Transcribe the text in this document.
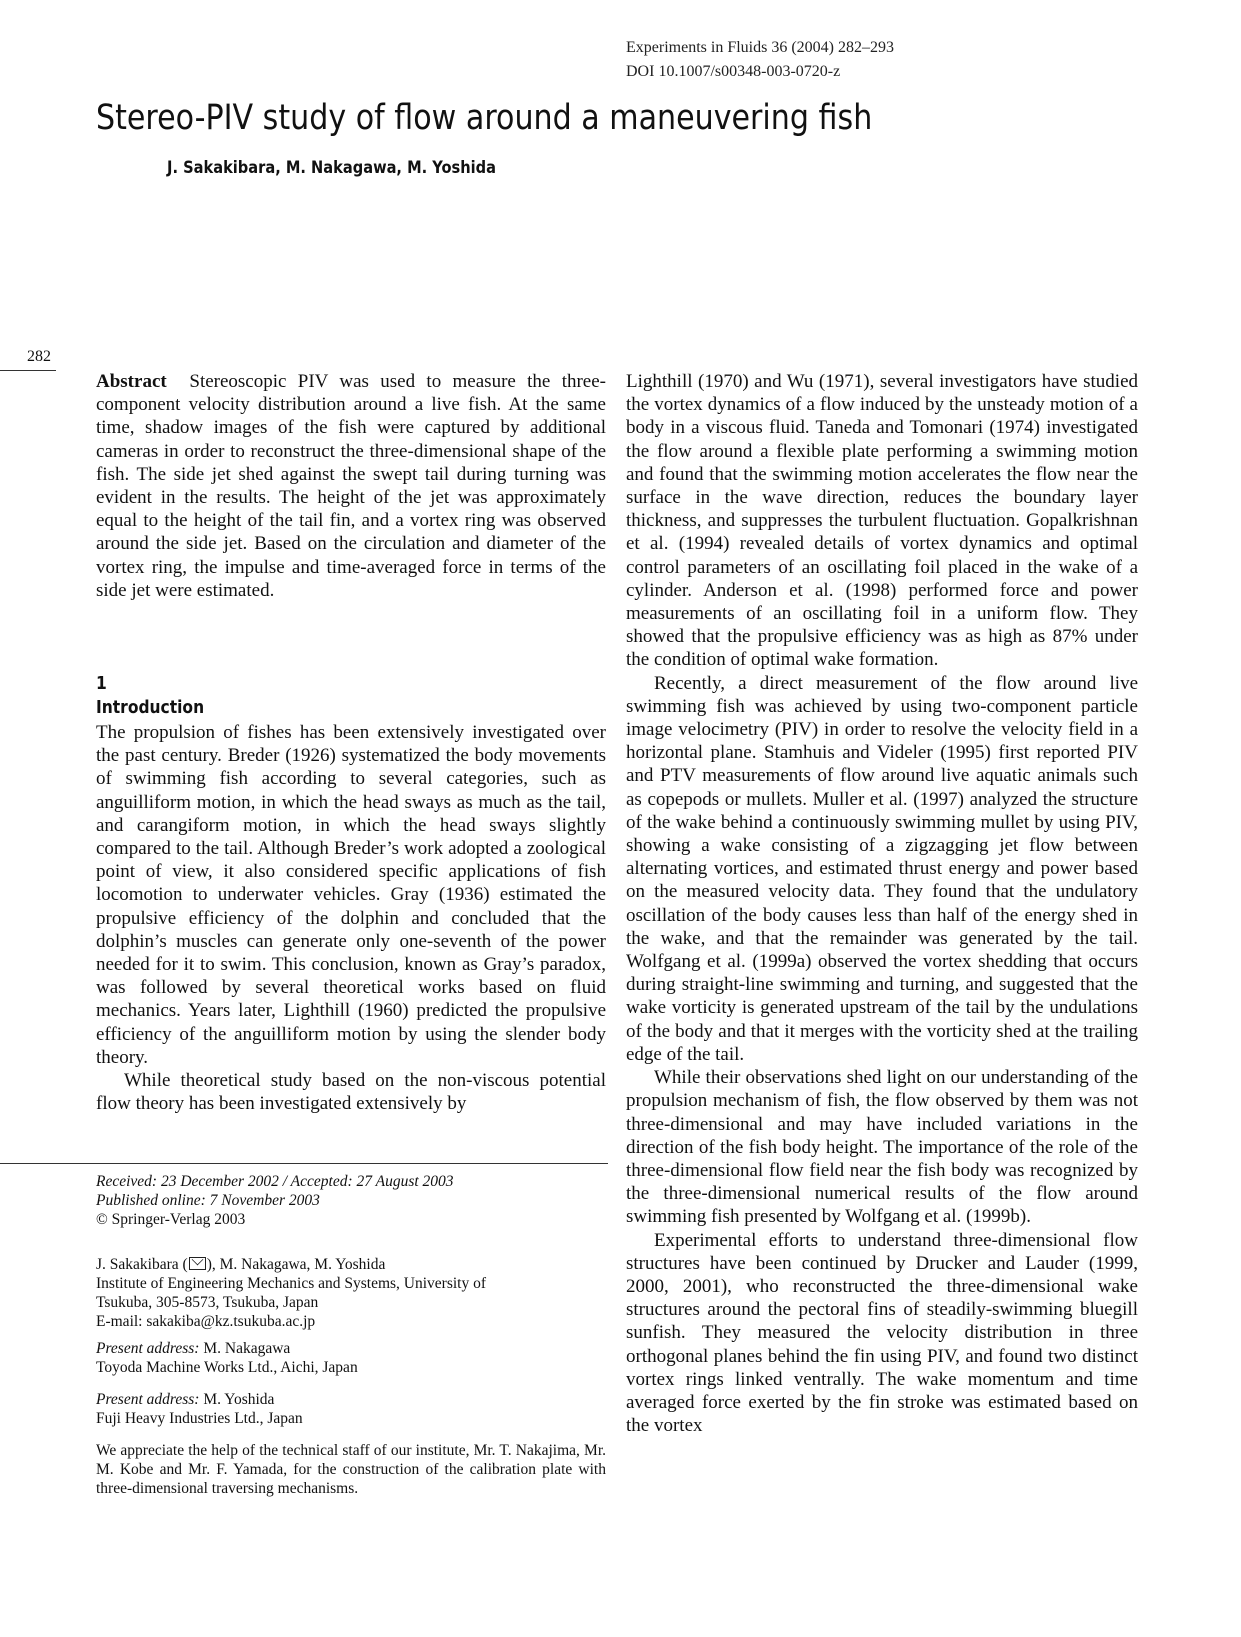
Experiments in Fluids 36 (2004) 282–293
DOI 10.1007/s00348-003-0720-z
Stereo-PIV study of flow around a maneuvering fish
J. Sakakibara, M. Nakagawa, M. Yoshida
282

Abstract Stereoscopic PIV was used to measure the three-component velocity distribution around a live fish. At the same time, shadow images of the fish were captured by additional cameras in order to reconstruct the three-dimensional shape of the fish. The side jet shed against the swept tail during turning was evident in the results. The height of the jet was approximately equal to the height of the tail fin, and a vortex ring was observed around the side jet. Based on the circulation and diameter of the vortex ring, the impulse and time-averaged force in terms of the side jet were estimated.

1
Introduction

The propulsion of fishes has been extensively investigated over the past century. Breder (1926) systematized the body movements of swimming fish according to several categories, such as anguilliform motion, in which the head sways as much as the tail, and carangiform motion, in which the head sways slightly compared to the tail. Although Breder’s work adopted a zoological point of view, it also considered specific applications of fish locomotion to underwater vehicles. Gray (1936) estimated the propulsive efficiency of the dolphin and concluded that the dolphin’s muscles can generate only one-seventh of the power needed for it to swim. This conclusion, known as Gray’s paradox, was followed by several theoretical works based on fluid mechanics. Years later, Lighthill (1960) predicted the propulsive efficiency of the anguilliform motion by using the slender body theory.

While theoretical study based on the non-viscous potential flow theory has been investigated extensively by

Lighthill (1970) and Wu (1971), several investigators have studied the vortex dynamics of a flow induced by the unsteady motion of a body in a viscous fluid. Taneda and Tomonari (1974) investigated the flow around a flexible plate performing a swimming motion and found that the swimming motion accelerates the flow near the surface in the wave direction, reduces the boundary layer thickness, and suppresses the turbulent fluctuation. Gopalkrishnan et al. (1994) revealed details of vortex dynamics and optimal control parameters of an oscillating foil placed in the wake of a cylinder. Anderson et al. (1998) performed force and power measurements of an oscillating foil in a uniform flow. They showed that the propulsive efficiency was as high as 87% under the condition of optimal wake formation.

Recently, a direct measurement of the flow around live swimming fish was achieved by using two-component particle image velocimetry (PIV) in order to resolve the velocity field in a horizontal plane. Stamhuis and Videler (1995) first reported PIV and PTV measurements of flow around live aquatic animals such as copepods or mullets. Muller et al. (1997) analyzed the structure of the wake behind a continuously swimming mullet by using PIV, showing a wake consisting of a zigzagging jet flow between alternating vortices, and estimated thrust energy and power based on the measured velocity data. They found that the undulatory oscillation of the body causes less than half of the energy shed in the wake, and that the remainder was generated by the tail. Wolfgang et al. (1999a) observed the vortex shedding that occurs during straight-line swimming and turning, and suggested that the wake vorticity is generated upstream of the tail by the undulations of the body and that it merges with the vorticity shed at the trailing edge of the tail.

While their observations shed light on our understanding of the propulsion mechanism of fish, the flow observed by them was not three-dimensional and may have included variations in the direction of the fish body height. The importance of the role of the three-dimensional flow field near the fish body was recognized by the three-dimensional numerical results of the flow around swimming fish presented by Wolfgang et al. (1999b).

Experimental efforts to understand three-dimensional flow structures have been continued by Drucker and Lauder (1999, 2000, 2001), who reconstructed the three-dimensional wake structures around the pectoral fins of steadily-swimming bluegill sunfish. They measured the velocity distribution in three orthogonal planes behind the fin using PIV, and found two distinct vortex rings linked ventrally. The wake momentum and time averaged force exerted by the fin stroke was estimated based on the vortex

Received: 23 December 2002 / Accepted: 27 August 2003

Published online: 7 November 2003

© Springer-Verlag 2003

J. Sakakibara ( ), M. Nakagawa, M. Yoshida

Institute of Engineering Mechanics and Systems, University of

Tsukuba, 305-8573, Tsukuba, Japan

E-mail: sakakiba@kz.tsukuba.ac.jp

Present address: M. Nakagawa

Toyoda Machine Works Ltd., Aichi, Japan

Present address: M. Yoshida

Fuji Heavy Industries Ltd., Japan

We appreciate the help of the technical staff of our institute, Mr. T. Nakajima, Mr. M. Kobe and Mr. F. Yamada, for the construction of the calibration plate with three-dimensional traversing mechanisms.
